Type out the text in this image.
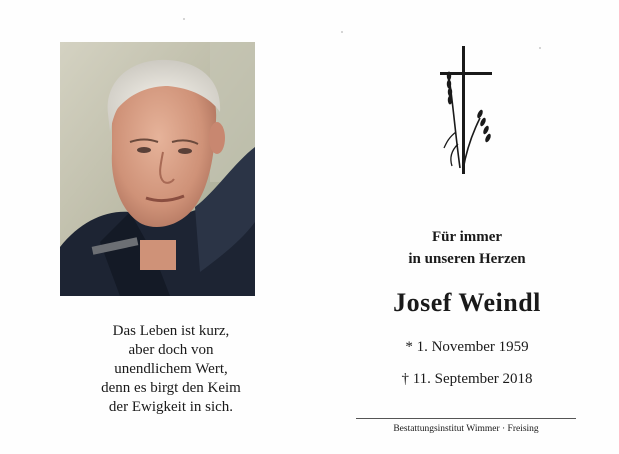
Das Leben ist kurz,
aber doch von
unendlichem Wert,
denn es birgt den Keim
der Ewigkeit in sich.
Für immer
in unseren Herzen
Josef Weindl
* 1. November 1959
† 11. September 2018
Bestattungsinstitut Wimmer · Freising
